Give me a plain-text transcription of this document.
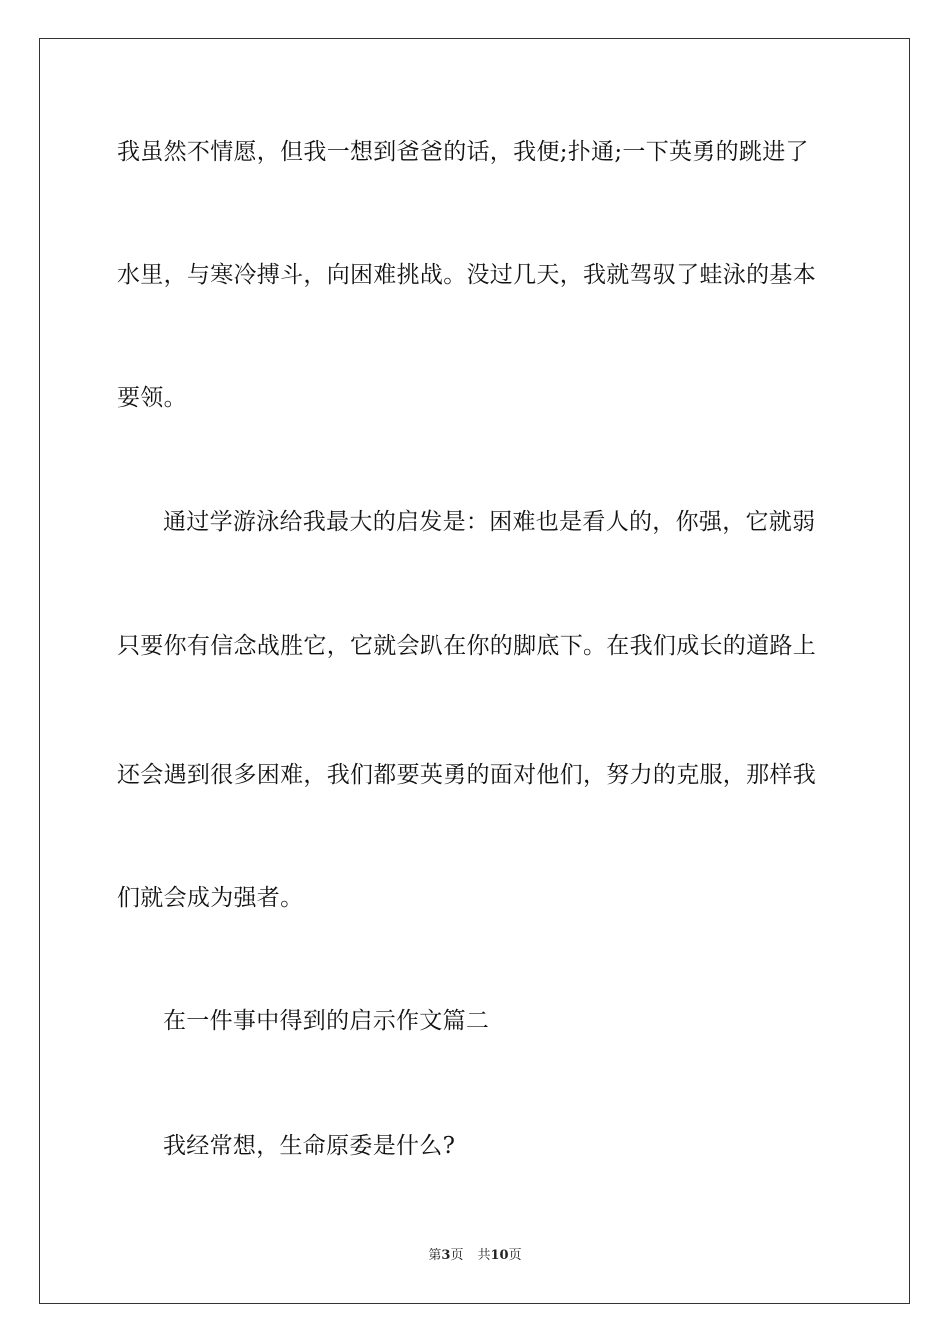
我虽然不情愿，但我一想到爸爸的话，我便;扑通;一下英勇的跳进了
水里，与寒冷搏斗，向困难挑战。没过几天，我就驾驭了蛙泳的基本
要领。
通过学游泳给我最大的启发是：困难也是看人的，你强，它就弱
只要你有信念战胜它，它就会趴在你的脚底下。在我们成长的道路上
还会遇到很多困难，我们都要英勇的面对他们，努力的克服，那样我
们就会成为强者。
在一件事中得到的启示作文篇二
我经常想，生命原委是什么?
第3页 共10页
